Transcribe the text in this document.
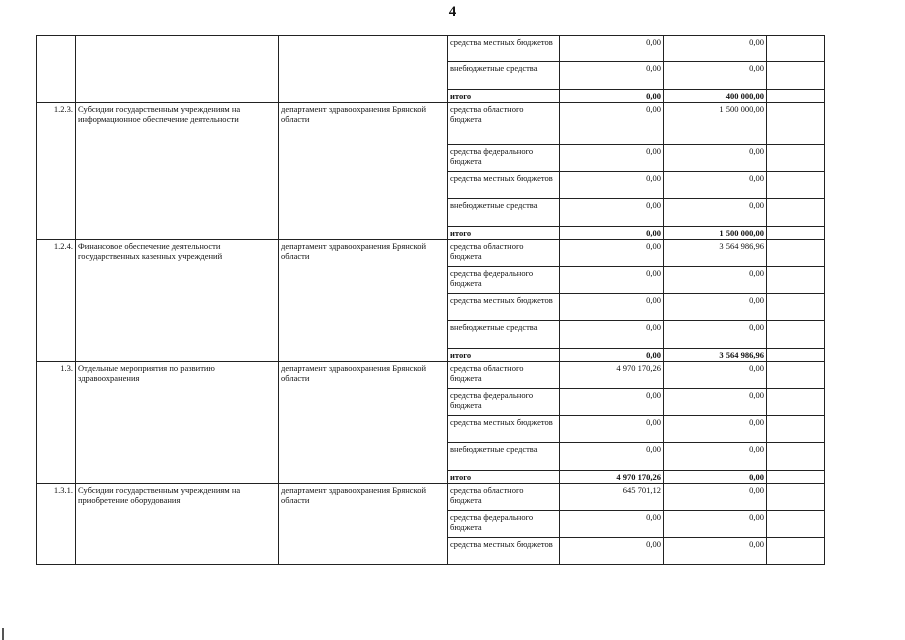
4
			средства местных бюджетов	0,00	0,00	
			внебюджетные средства	0,00	0,00	
			итого	0,00	400 000,00	
1.2.3.	Субсидии государственным учреждениям на информационное обеспечение деятельности	департамент здравоохранения Брянской области	средства областного бюджета	0,00	1 500 000,00	
			средства федерального бюджета	0,00	0,00	
			средства местных бюджетов	0,00	0,00	
			внебюджетные средства	0,00	0,00	
			итого	0,00	1 500 000,00	
1.2.4.	Финансовое обеспечение деятельности государственных казенных учреждений	департамент здравоохранения Брянской области	средства областного бюджета	0,00	3 564 986,96	
			средства федерального бюджета	0,00	0,00	
			средства местных бюджетов	0,00	0,00	
			внебюджетные средства	0,00	0,00	
			итого	0,00	3 564 986,96	
1.3.	Отдельные мероприятия по развитию здравоохранения	департамент здравоохранения Брянской области	средства областного бюджета	4 970 170,26	0,00	
			средства федерального бюджета	0,00	0,00	
			средства местных бюджетов	0,00	0,00	
			внебюджетные средства	0,00	0,00	
			итого	4 970 170,26	0,00	
1.3.1.	Субсидии государственным учреждениям на приобретение оборудования	департамент здравоохранения Брянской области	средства областного бюджета	645 701,12	0,00	
			средства федерального бюджета	0,00	0,00	
			средства местных бюджетов	0,00	0,00	
